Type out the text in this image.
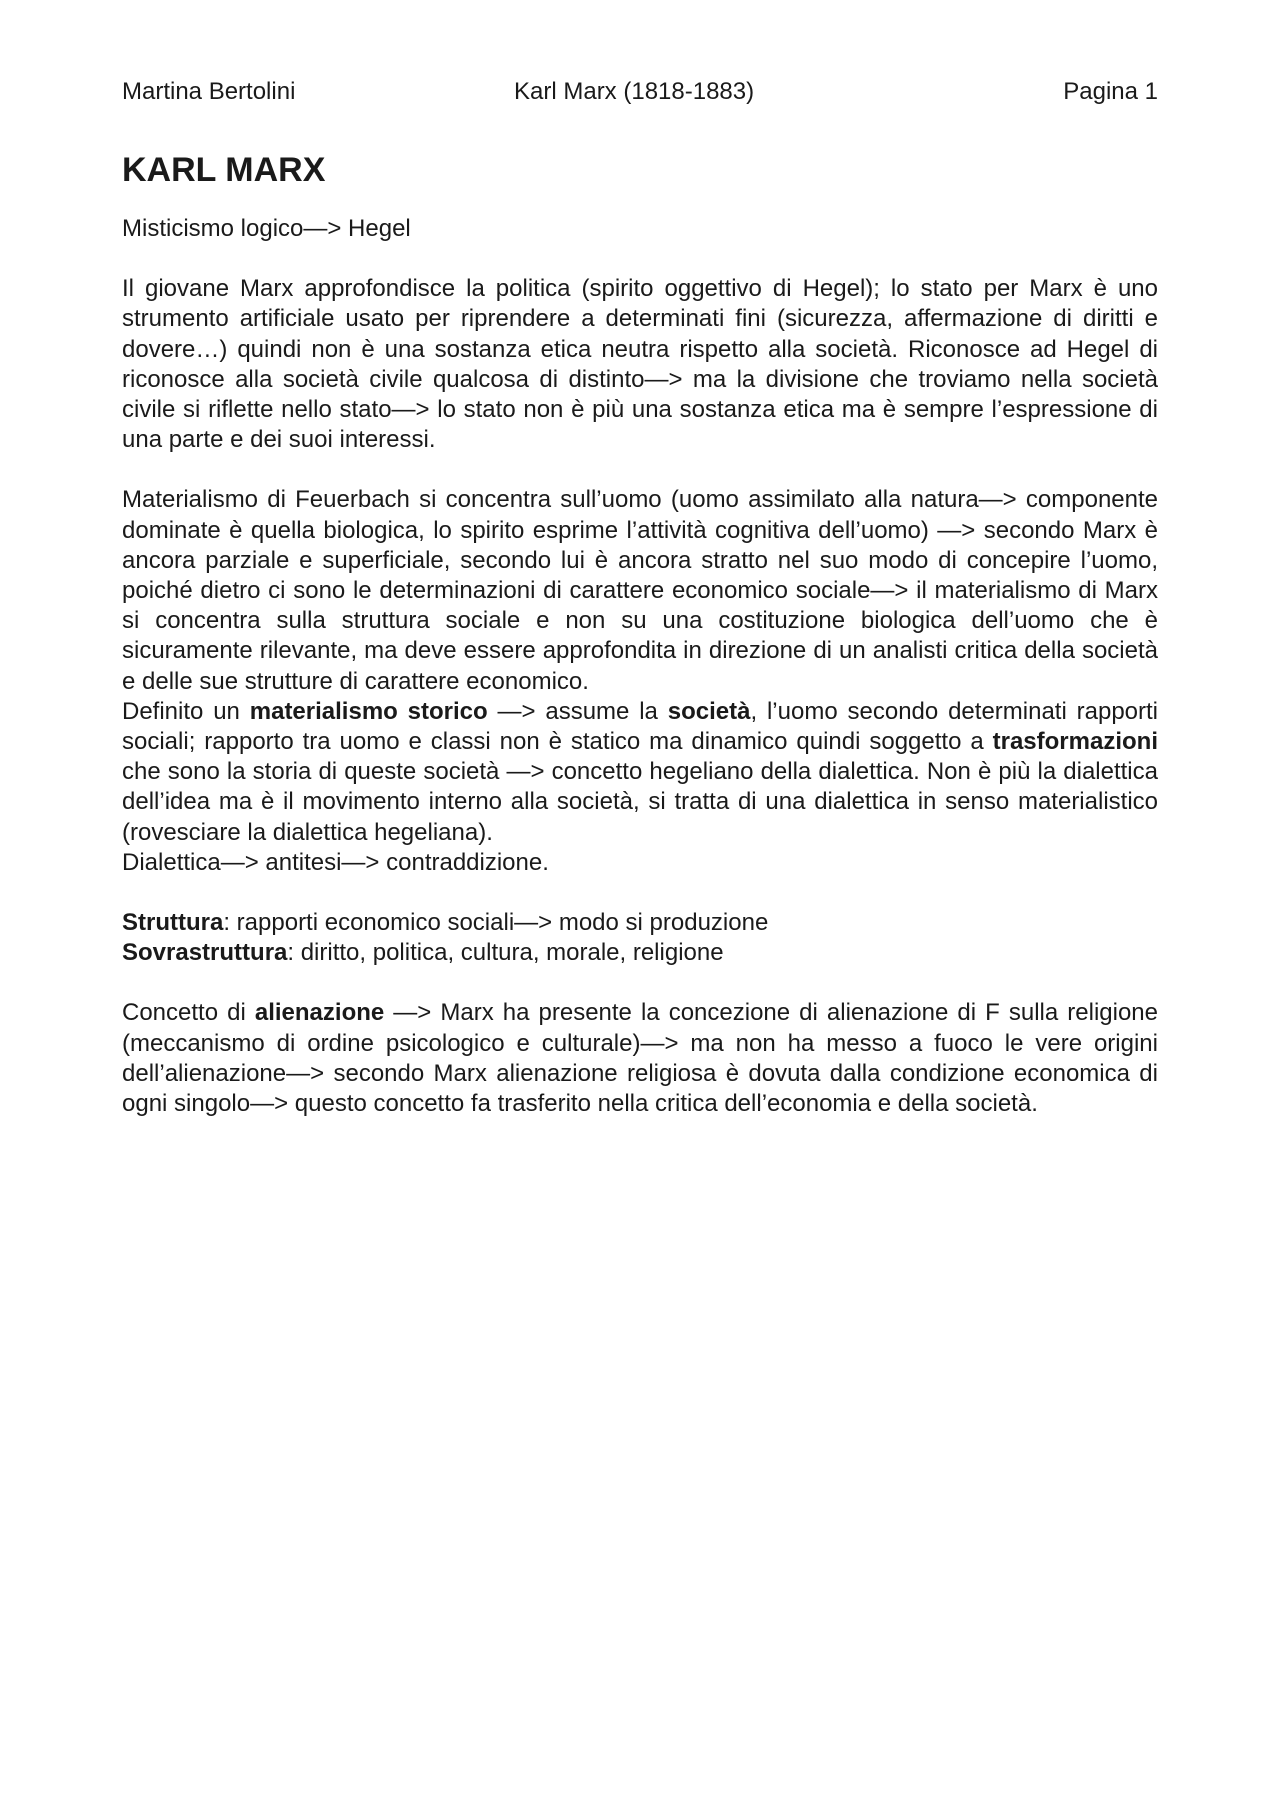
Martina Bertolini	Karl Marx (1818-1883)	Pagina 1
KARL MARX

Misticismo logico—> Hegel

Il giovane Marx approfondisce la politica (spirito oggettivo di Hegel); lo stato per Marx è uno strumento artificiale usato per riprendere a determinati fini (sicurezza, affermazione di diritti e dovere…) quindi non è una sostanza etica neutra rispetto alla società. Riconosce ad Hegel di riconosce alla società civile qualcosa di distinto—> ma la divisione che troviamo nella società civile si riflette nello stato—> lo stato non è più una sostanza etica ma è sempre l’espressione di una parte e dei suoi interessi.

Materialismo di Feuerbach si concentra sull’uomo (uomo assimilato alla natura—> componente dominate è quella biologica, lo spirito esprime l’attività cognitiva dell’uomo) —> secondo Marx è ancora parziale e superficiale, secondo lui è ancora stratto nel suo modo di concepire l’uomo, poiché dietro ci sono le determinazioni di carattere economico sociale—> il materialismo di Marx si concentra sulla struttura sociale e non su una costituzione biologica dell’uomo che è sicuramente rilevante, ma deve essere approfondita in direzione di un analisti critica della società e delle sue strutture di carattere economico.

Definito un materialismo storico —> assume la società, l’uomo secondo determinati rapporti sociali; rapporto tra uomo e classi non è statico ma dinamico quindi soggetto a trasformazioni che sono la storia di queste società —> concetto hegeliano della dialettica. Non è più la dialettica dell’idea ma è il movimento interno alla società, si tratta di una dialettica in senso materialistico (rovesciare la dialettica hegeliana).

Dialettica—> antitesi—> contraddizione.

Struttura: rapporti economico sociali—> modo si produzione

Sovrastruttura: diritto, politica, cultura, morale, religione

Concetto di alienazione —> Marx ha presente la concezione di alienazione di F sulla religione (meccanismo di ordine psicologico e culturale)—> ma non ha messo a fuoco le vere origini dell’alienazione—> secondo Marx alienazione religiosa è dovuta dalla condizione economica di ogni singolo—> questo concetto fa trasferito nella critica dell’economia e della società.
